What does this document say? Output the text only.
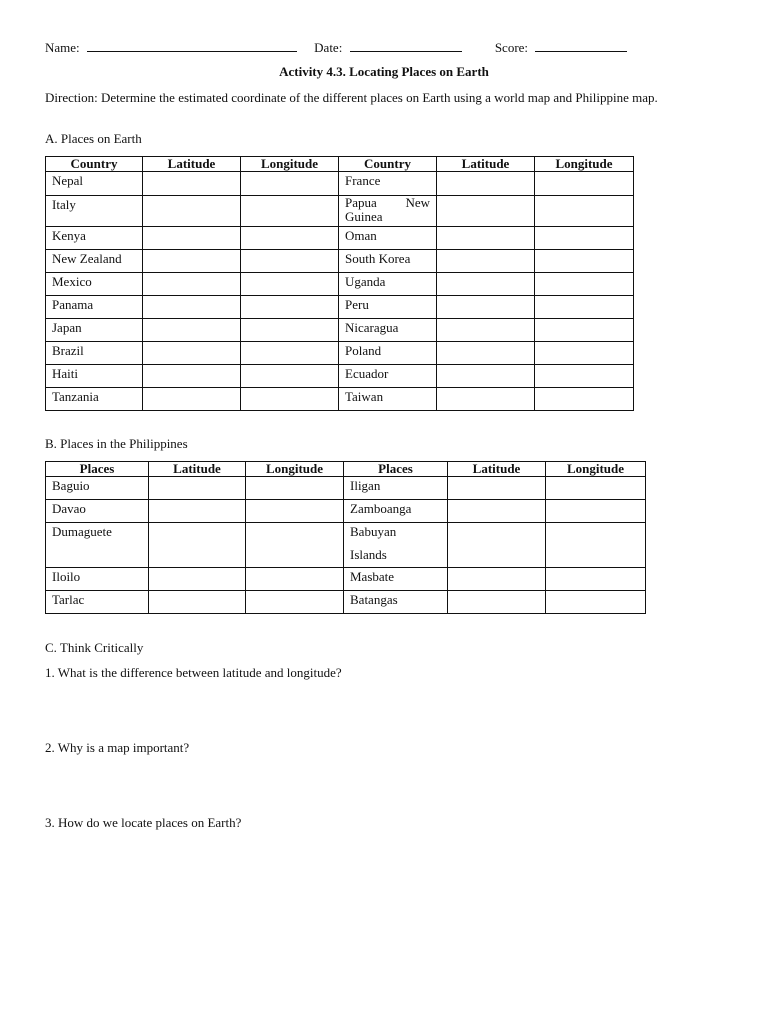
Name:	Date:	Score:
Activity 4.3. Locating Places on Earth
Direction: Determine the estimated coordinate of the different places on Earth using a world map and Philippine map.
A. Places on Earth
Country	Latitude	Longitude	Country	Latitude	Longitude
Nepal			France		
Italy			Papua New Guinea		

Kenya			Oman		
New Zealand			South Korea		
Mexico			Uganda		
Panama			Peru		
Japan			Nicaragua		
Brazil			Poland		
Haiti			Ecuador		
Tanzania			Taiwan		
B. Places in the Philippines
Places	Latitude	Longitude	Places	Latitude	Longitude
Baguio			Iligan		
Davao			Zamboanga		
Dumaguete			Babuyan
Islands		

Iloilo			Masbate		
Tarlac			Batangas		
C. Think Critically
1. What is the difference between latitude and longitude?
2. Why is a map important?
3. How do we locate places on Earth?
